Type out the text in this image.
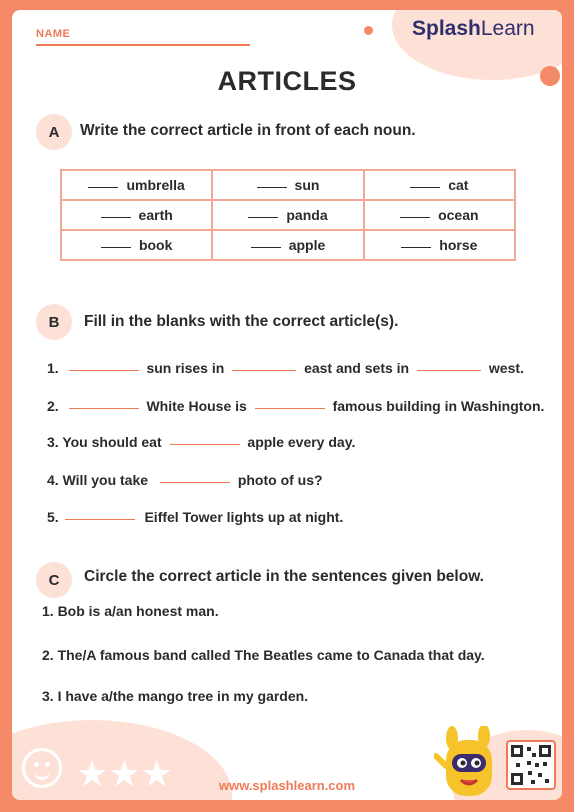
NAME	SplashLearn
ARTICLES
A	Write the correct article in front of each noun.
umbrella	sun	cat
earth	panda	ocean
book	apple	horse
B	Fill in the blanks with the correct article(s).
1.	sun rises in	east and sets in	west.
2.	White House is	famous building in Washington.
3. You should eat	apple every day.
4. Will you take	photo of us?
5.	Eiffel Tower lights up at night.
C	Circle the correct article in the sentences given below.
1. Bob is a/an honest man.
2. The/A famous band called The Beatles came to Canada that day.
3. I have a/the mango tree in my garden.
★★★	www.splashlearn.com
